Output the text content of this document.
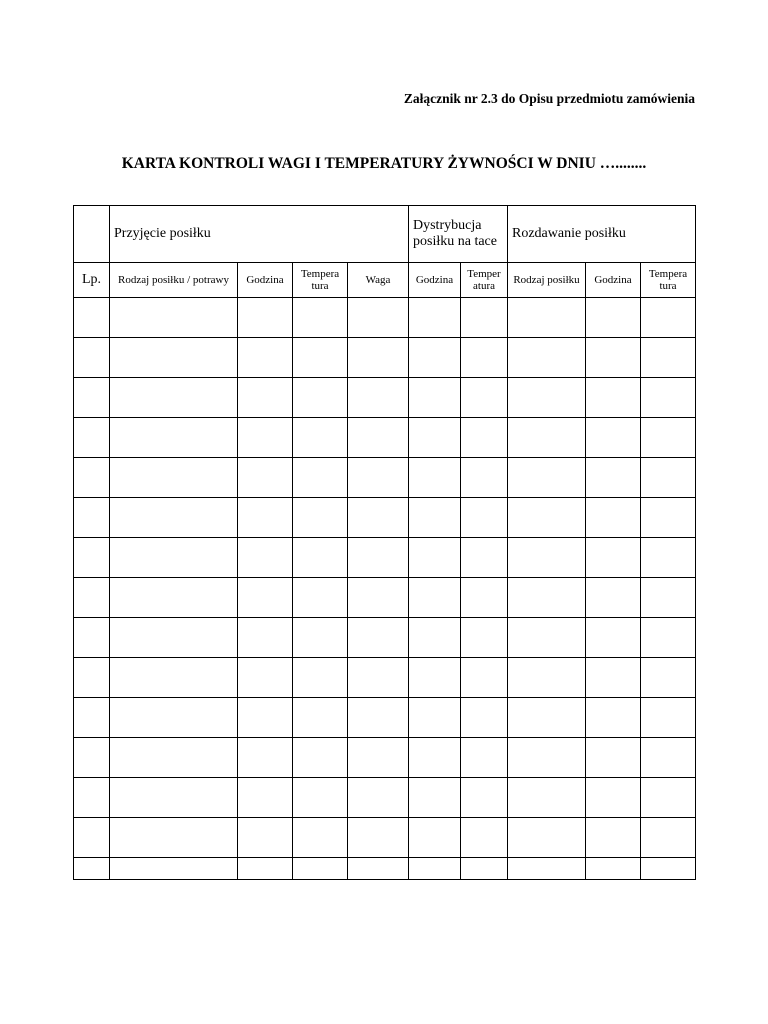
Załącznik nr 2.3 do Opisu przedmiotu zamówienia
KARTA KONTROLI WAGI I TEMPERATURY ŻYWNOŚCI W DNIU …........
	Przyjęcie posiłku				Dystrybucja posiłku na tace		Rozdawanie posiłku		
Lp.	Rodzaj posiłku / potrawy	Godzina	Tempera tura	Waga	Godzina	Temper atura	Rodzaj posiłku	Godzina	Tempera tura
